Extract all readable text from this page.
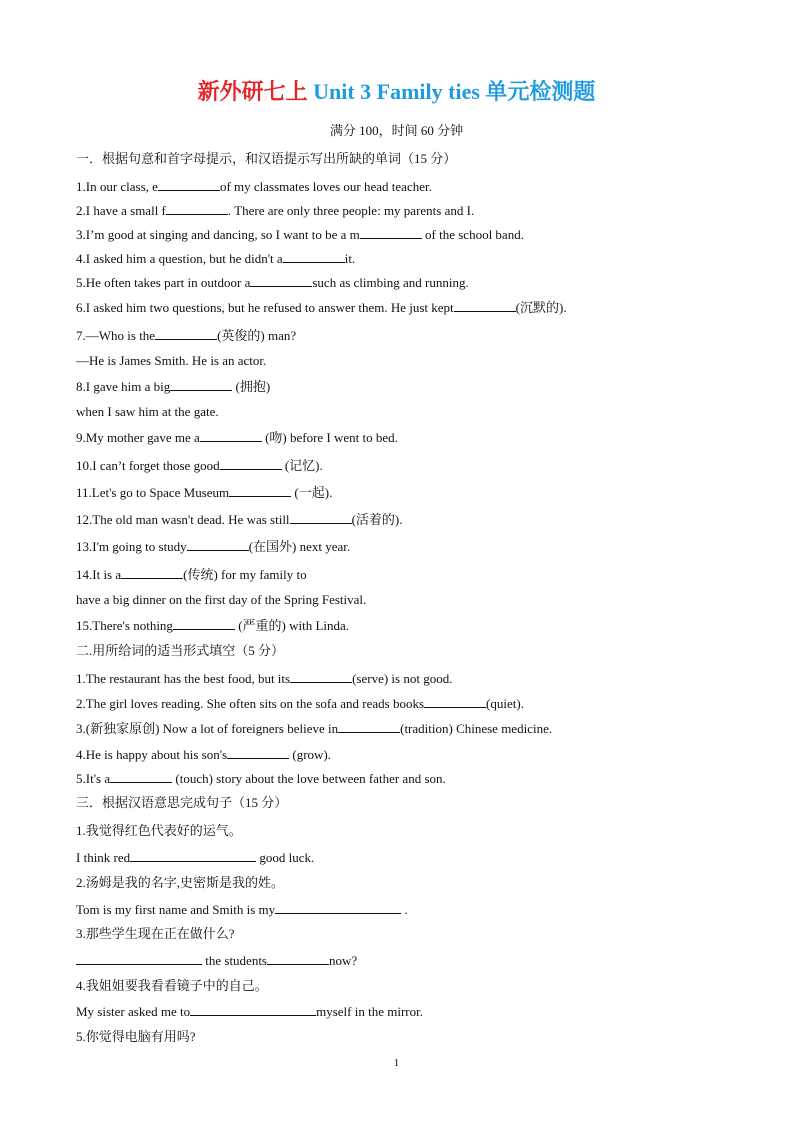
新外研七上 Unit 3 Family ties 单元检测题
满分 100，时间 60 分钟
一．根据句意和首字母提示，和汉语提示写出所缺的单词（15 分）
1.In our class, e	of my classmates loves our head teacher.
2.I have a small f	. There are only three people: my parents and I.
3.I’m good at singing and dancing, so I want to be a m	of the school band.
4.I asked him a question, but he didn't a	it.
5.He often takes part in outdoor a	such as climbing and running.
6.I asked him two questions, but he refused to answer them. He just kept	(沉默的).
7.—Who is the	(英俊的) man?
—He is James Smith. He is an actor.
8.I gave him a big	(拥抱)
when I saw him at the gate.
9.My mother gave me a	(吻) before I went to bed.
10.I can’t forget those good	(记忆).
11.Let's go to Space Museum	(一起).
12.The old man wasn't dead. He was still	(活着的).
13.I'm going to study	(在国外) next year.
14.It is a	(传统) for my family to
have a big dinner on the first day of the Spring Festival.
15.There's nothing	(严重的) with Linda.
二.用所给词的适当形式填空（5 分）
1.The restaurant has the best food, but its	(serve) is not good.
2.The girl loves reading. She often sits on the sofa and reads books	(quiet).
3.(新独家原创) Now a lot of foreigners believe in	(tradition) Chinese medicine.
4.He is happy about his son's	(grow).
5.It's a	(touch) story about the love between father and son.
三．根据汉语意思完成句子（15 分）
1.我觉得红色代表好的运气。
I think red	good luck.
2.汤姆是我的名字,史密斯是我的姓。
Tom is my first name and Smith is my	.
3.那些学生现在正在做什么?
the students	now?
4.我姐姐要我看看镜子中的自己。
My sister asked me to	myself in the mirror.
5.你觉得电脑有用吗?
1
